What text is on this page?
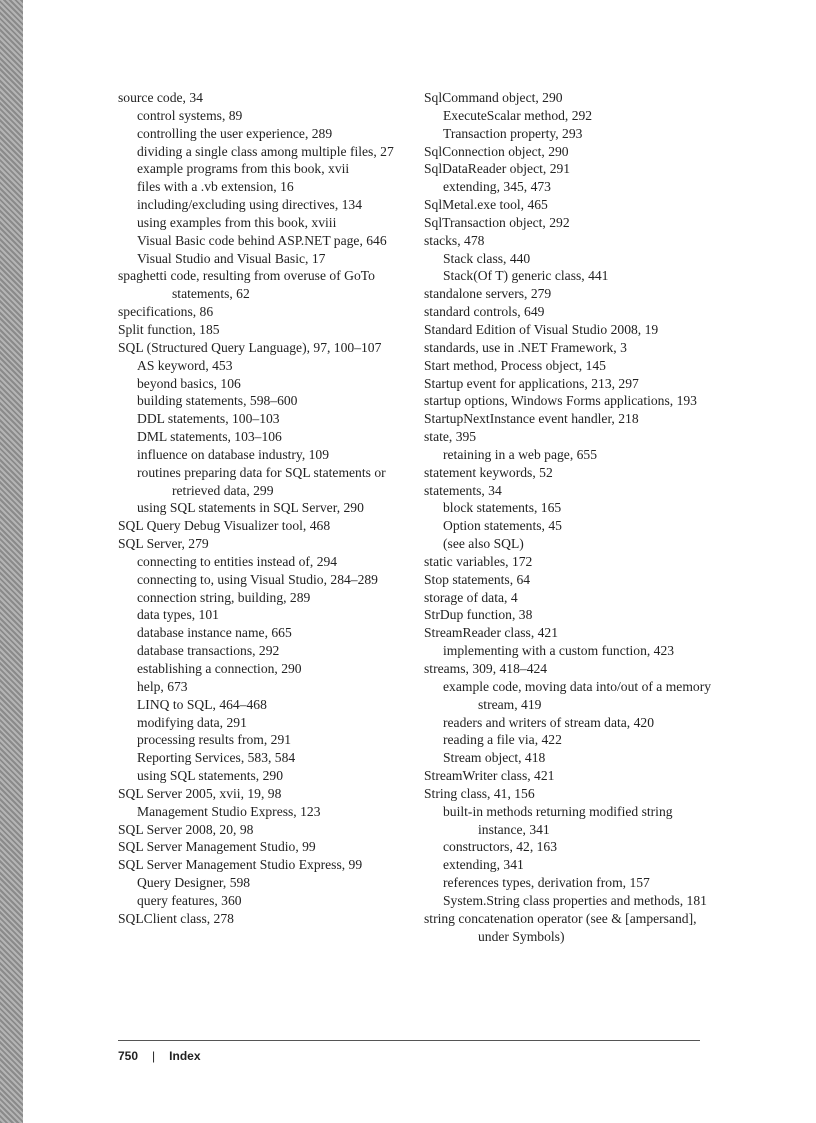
source code, 34
control systems, 89
controlling the user experience, 289
dividing a single class among multiple files, 27
example programs from this book, xvii
files with a .vb extension, 16
including/excluding using directives, 134
using examples from this book, xviii
Visual Basic code behind ASP.NET page, 646
Visual Studio and Visual Basic, 17
spaghetti code, resulting from overuse of GoTo statements, 62
specifications, 86
Split function, 185
SQL (Structured Query Language), 97, 100–107
AS keyword, 453
beyond basics, 106
building statements, 598–600
DDL statements, 100–103
DML statements, 103–106
influence on database industry, 109
routines preparing data for SQL statements or retrieved data, 299
using SQL statements in SQL Server, 290
SQL Query Debug Visualizer tool, 468
SQL Server, 279
connecting to entities instead of, 294
connecting to, using Visual Studio, 284–289
connection string, building, 289
data types, 101
database instance name, 665
database transactions, 292
establishing a connection, 290
help, 673
LINQ to SQL, 464–468
modifying data, 291
processing results from, 291
Reporting Services, 583, 584
using SQL statements, 290
SQL Server 2005, xvii, 19, 98
Management Studio Express, 123
SQL Server 2008, 20, 98
SQL Server Management Studio, 99
SQL Server Management Studio Express, 99
Query Designer, 598
query features, 360
SQLClient class, 278
SqlCommand object, 290
ExecuteScalar method, 292
Transaction property, 293
SqlConnection object, 290
SqlDataReader object, 291
extending, 345, 473
SqlMetal.exe tool, 465
SqlTransaction object, 292
stacks, 478
Stack class, 440
Stack(Of T) generic class, 441
standalone servers, 279
standard controls, 649
Standard Edition of Visual Studio 2008, 19
standards, use in .NET Framework, 3
Start method, Process object, 145
Startup event for applications, 213, 297
startup options, Windows Forms applications, 193
StartupNextInstance event handler, 218
state, 395
retaining in a web page, 655
statement keywords, 52
statements, 34
block statements, 165
Option statements, 45
(see also SQL)
static variables, 172
Stop statements, 64
storage of data, 4
StrDup function, 38
StreamReader class, 421
implementing with a custom function, 423
streams, 309, 418–424
example code, moving data into/out of a memory stream, 419
readers and writers of stream data, 420
reading a file via, 422
Stream object, 418
StreamWriter class, 421
String class, 41, 156
built-in methods returning modified string instance, 341
constructors, 42, 163
extending, 341
references types, derivation from, 157
System.String class properties and methods, 181
string concatenation operator (see & [ampersand], under Symbols)
750 | Index
